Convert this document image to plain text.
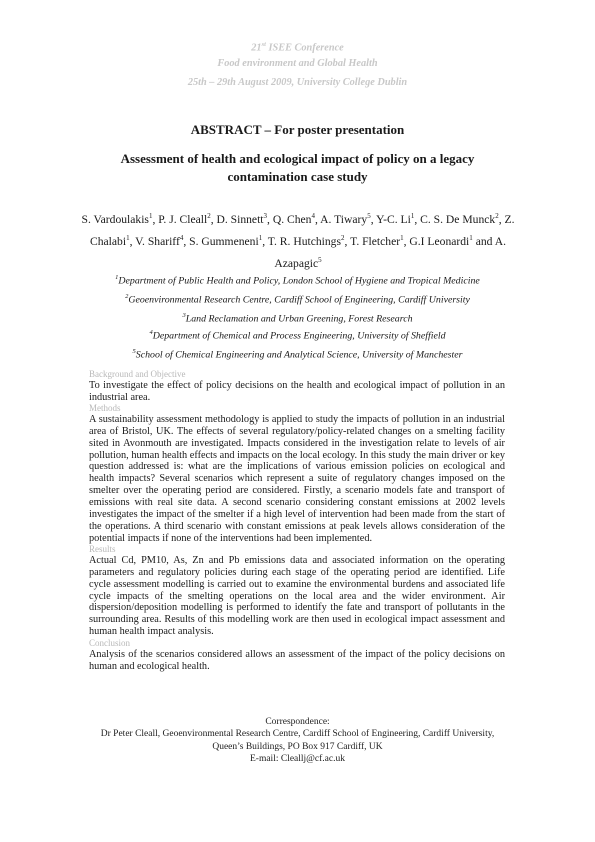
21st ISEE Conference
Food environment and Global Health
25th – 29th August 2009, University College Dublin
ABSTRACT – For poster presentation
Assessment of health and ecological impact of policy on a legacy
contamination case study
S. Vardoulakis$^1$, P. J. Cleall$^2$, D. Sinnett$^3$, Q. Chen$^4$, A. Tiwary$^5$, Y-C. Li$^1$, C. S. De Munck$^2$, Z. Chalabi$^1$, V. Shariff$^4$, S. Gummeneni$^1$, T. R. Hutchings$^2$, T. Fletcher$^1$, G.I Leonardi$^1$ and A. Azapagic$^5$
$^1$Department of Public Health and Policy, London School of Hygiene and Tropical Medicine
$^2$Geoenvironmental Research Centre, Cardiff School of Engineering, Cardiff University
$^3$Land Reclamation and Urban Greening, Forest Research
$^4$Department of Chemical and Process Engineering, University of Sheffield
$^5$School of Chemical Engineering and Analytical Science, University of Manchester
Background and Objective
To investigate the effect of policy decisions on the health and ecological impact of pollution in an industrial area.
Methods
A sustainability assessment methodology is applied to study the impacts of pollution in an industrial area of Bristol, UK. The effects of several regulatory/policy-related changes on a smelting facility sited in Avonmouth are investigated. Impacts considered in the investigation relate to levels of air pollution, human health effects and impacts on the local ecology. In this study the main driver or key question addressed is: what are the implications of various emission policies on ecological and health impacts? Several scenarios which represent a suite of regulatory changes imposed on the smelter over the operating period are considered. Firstly, a scenario models fate and transport of emissions with real site data. A second scenario considering constant emissions at 2002 levels investigates the impact of the smelter if a high level of intervention had been made from the start of the operations. A third scenario with constant emissions at peak levels allows consideration of the potential impacts if none of the interventions had been implemented.
Results
Actual Cd, PM10, As, Zn and Pb emissions data and associated information on the operating parameters and regulatory policies during each stage of the operating period are identified. Life cycle assessment modelling is carried out to examine the environmental burdens and associated life cycle impacts of the smelting operations on the local area and the wider environment. Air dispersion/deposition modelling is performed to identify the fate and transport of pollutants in the surrounding area. Results of this modelling work are then used in ecological impact assessment and human health impact analysis.
Conclusion
Analysis of the scenarios considered allows an assessment of the impact of the policy decisions on human and ecological health.
Correspondence:
Dr Peter Cleall, Geoenvironmental Research Centre, Cardiff School of Engineering, Cardiff University,
Queen’s Buildings, PO Box 917 Cardiff, UK
E-mail: Cleallj@cf.ac.uk
